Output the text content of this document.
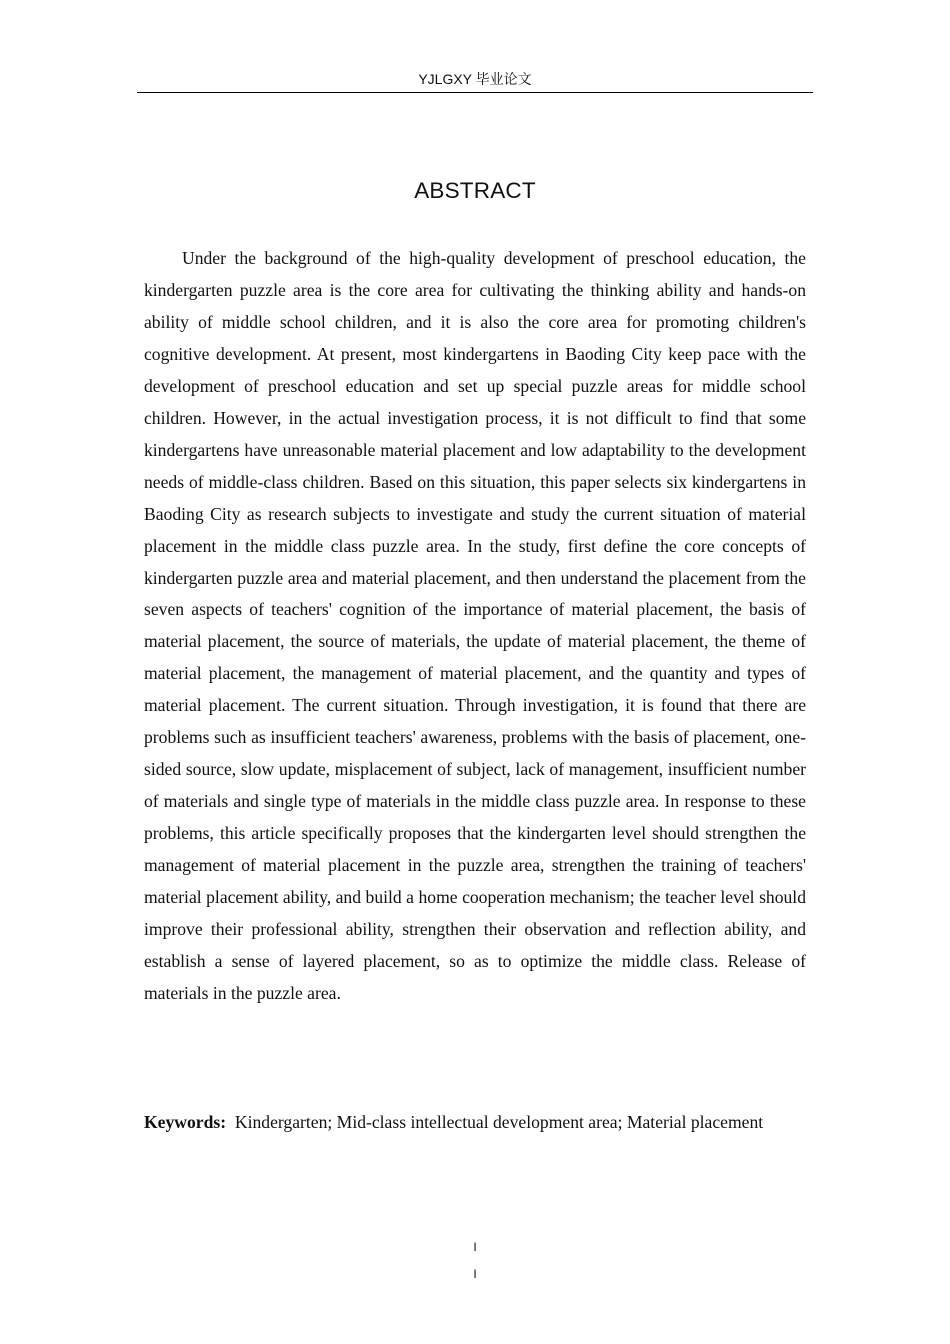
YJLGXY 毕业论文
ABSTRACT

Under the background of the high-quality development of preschool education, the kindergarten puzzle area is the core area for cultivating the thinking ability and hands-on ability of middle school children, and it is also the core area for promoting children's cognitive development. At present, most kindergartens in Baoding City keep pace with the development of preschool education and set up special puzzle areas for middle school children. However, in the actual investigation process, it is not difficult to find that some kindergartens have unreasonable material placement and low adaptability to the development needs of middle-class children. Based on this situation, this paper selects six kindergartens in Baoding City as research subjects to investigate and study the current situation of material placement in the middle class puzzle area. In the study, first define the core concepts of kindergarten puzzle area and material placement, and then understand the placement from the seven aspects of teachers' cognition of the importance of material placement, the basis of material placement, the source of materials, the update of material placement, the theme of material placement, the management of material placement, and the quantity and types of material placement. The current situation. Through investigation, it is found that there are problems such as insufficient teachers' awareness, problems with the basis of placement, one-sided source, slow update, misplacement of subject, lack of management, insufficient number of materials and single type of materials in the middle class puzzle area. In response to these problems, this article specifically proposes that the kindergarten level should strengthen the management of material placement in the puzzle area, strengthen the training of teachers' material placement ability, and build a home cooperation mechanism; the teacher level should improve their professional ability, strengthen their observation and reflection ability, and establish a sense of layered placement, so as to optimize the middle class. Release of materials in the puzzle area.

Keywords: Kindergarten; Mid-class intellectual development area; Material placement

I
I
